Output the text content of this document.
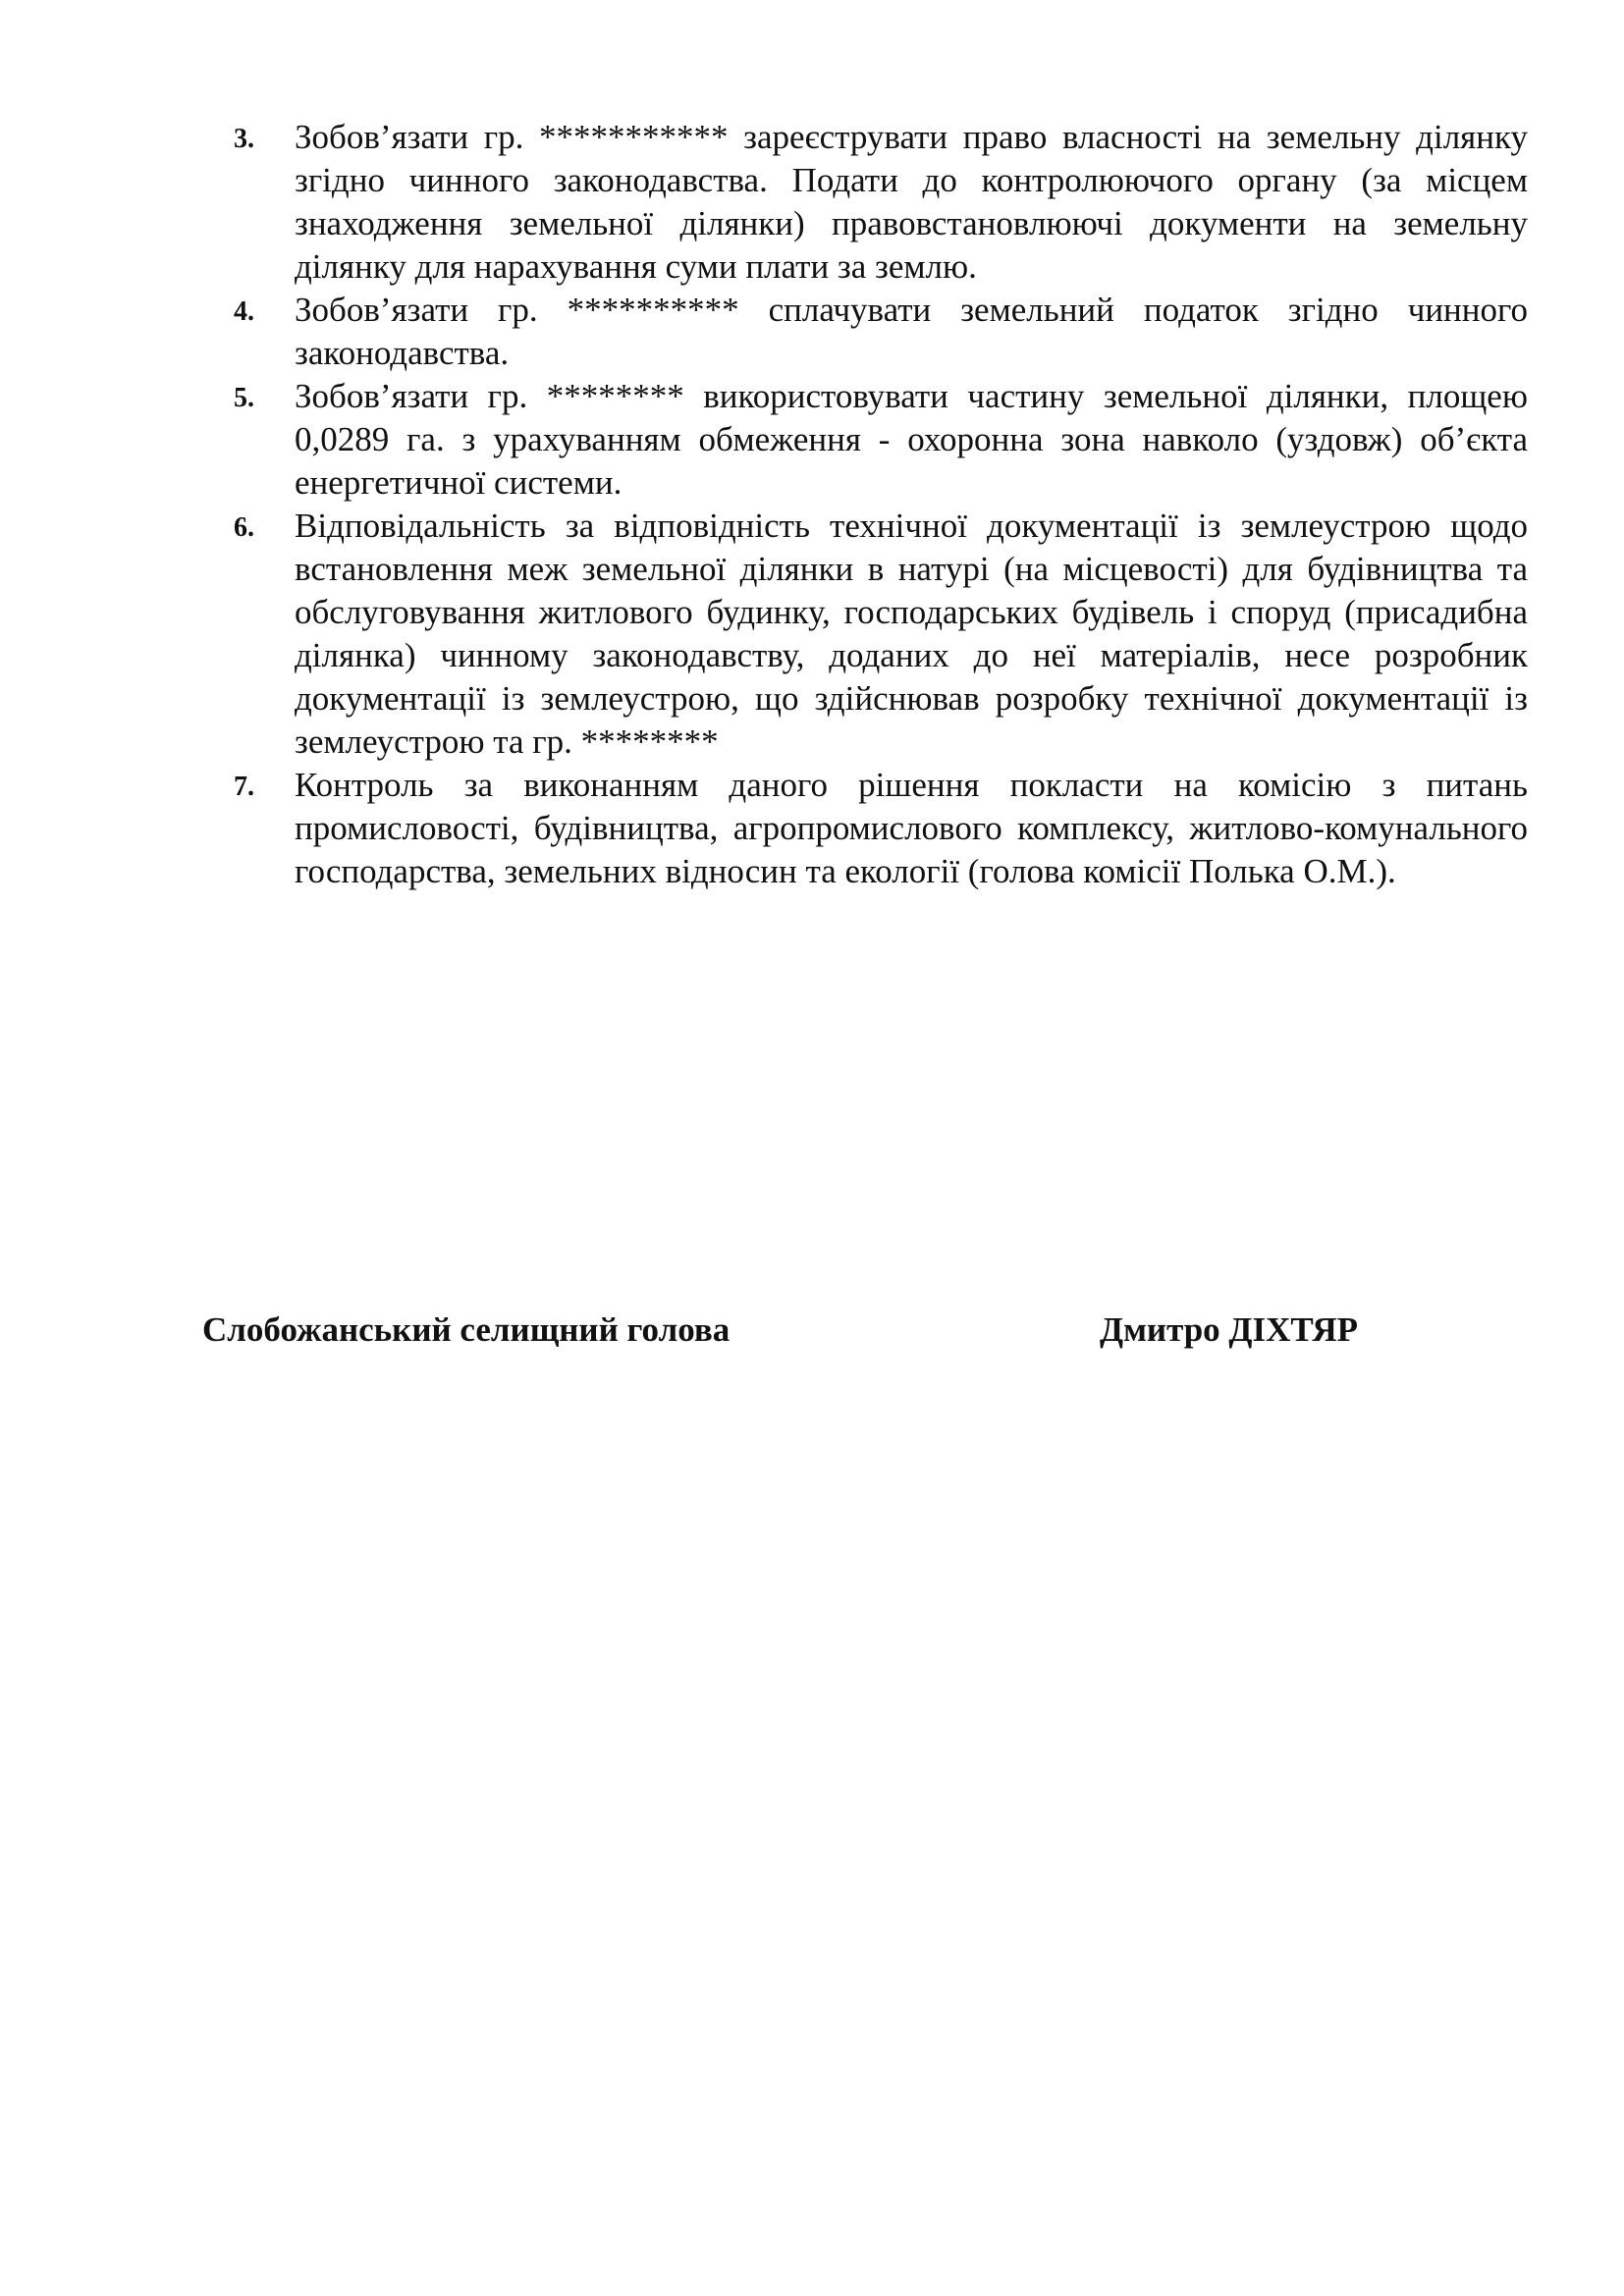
3.	Зобов’язати гр. *********** зареєструвати право власності на земельну ділянку згідно чинного законодавства. Подати до контролюючого органу (за місцем знаходження земельної ділянки) правовстановлюючі документи на земельну ділянку для нарахування суми плати за землю.
4.	Зобов’язати гр. ********** сплачувати земельний податок згідно чинного законодавства.
5.	Зобов’язати гр. ******** використовувати частину земельної ділянки, площею 0,0289 га. з урахуванням обмеження - охоронна зона навколо (уздовж) об’єкта енергетичної системи.
6.	Відповідальність за відповідність технічної документації із землеустрою щодо встановлення меж земельної ділянки в натурі (на місцевості) для будівництва та обслуговування житлового будинку, господарських будівель і споруд (присадибна ділянка) чинному законодавству, доданих до неї матеріалів, несе розробник документації із землеустрою, що здійснював розробку технічної документації із землеустрою та гр. ********
7.	Контроль за виконанням даного рішення покласти на комісію з питань промисловості, будівництва, агропромислового комплексу, житлово-комунального господарства, земельних відносин та екології (голова комісії Полька О.М.).
Слобожанський селищний голова	Дмитро ДІХТЯР
